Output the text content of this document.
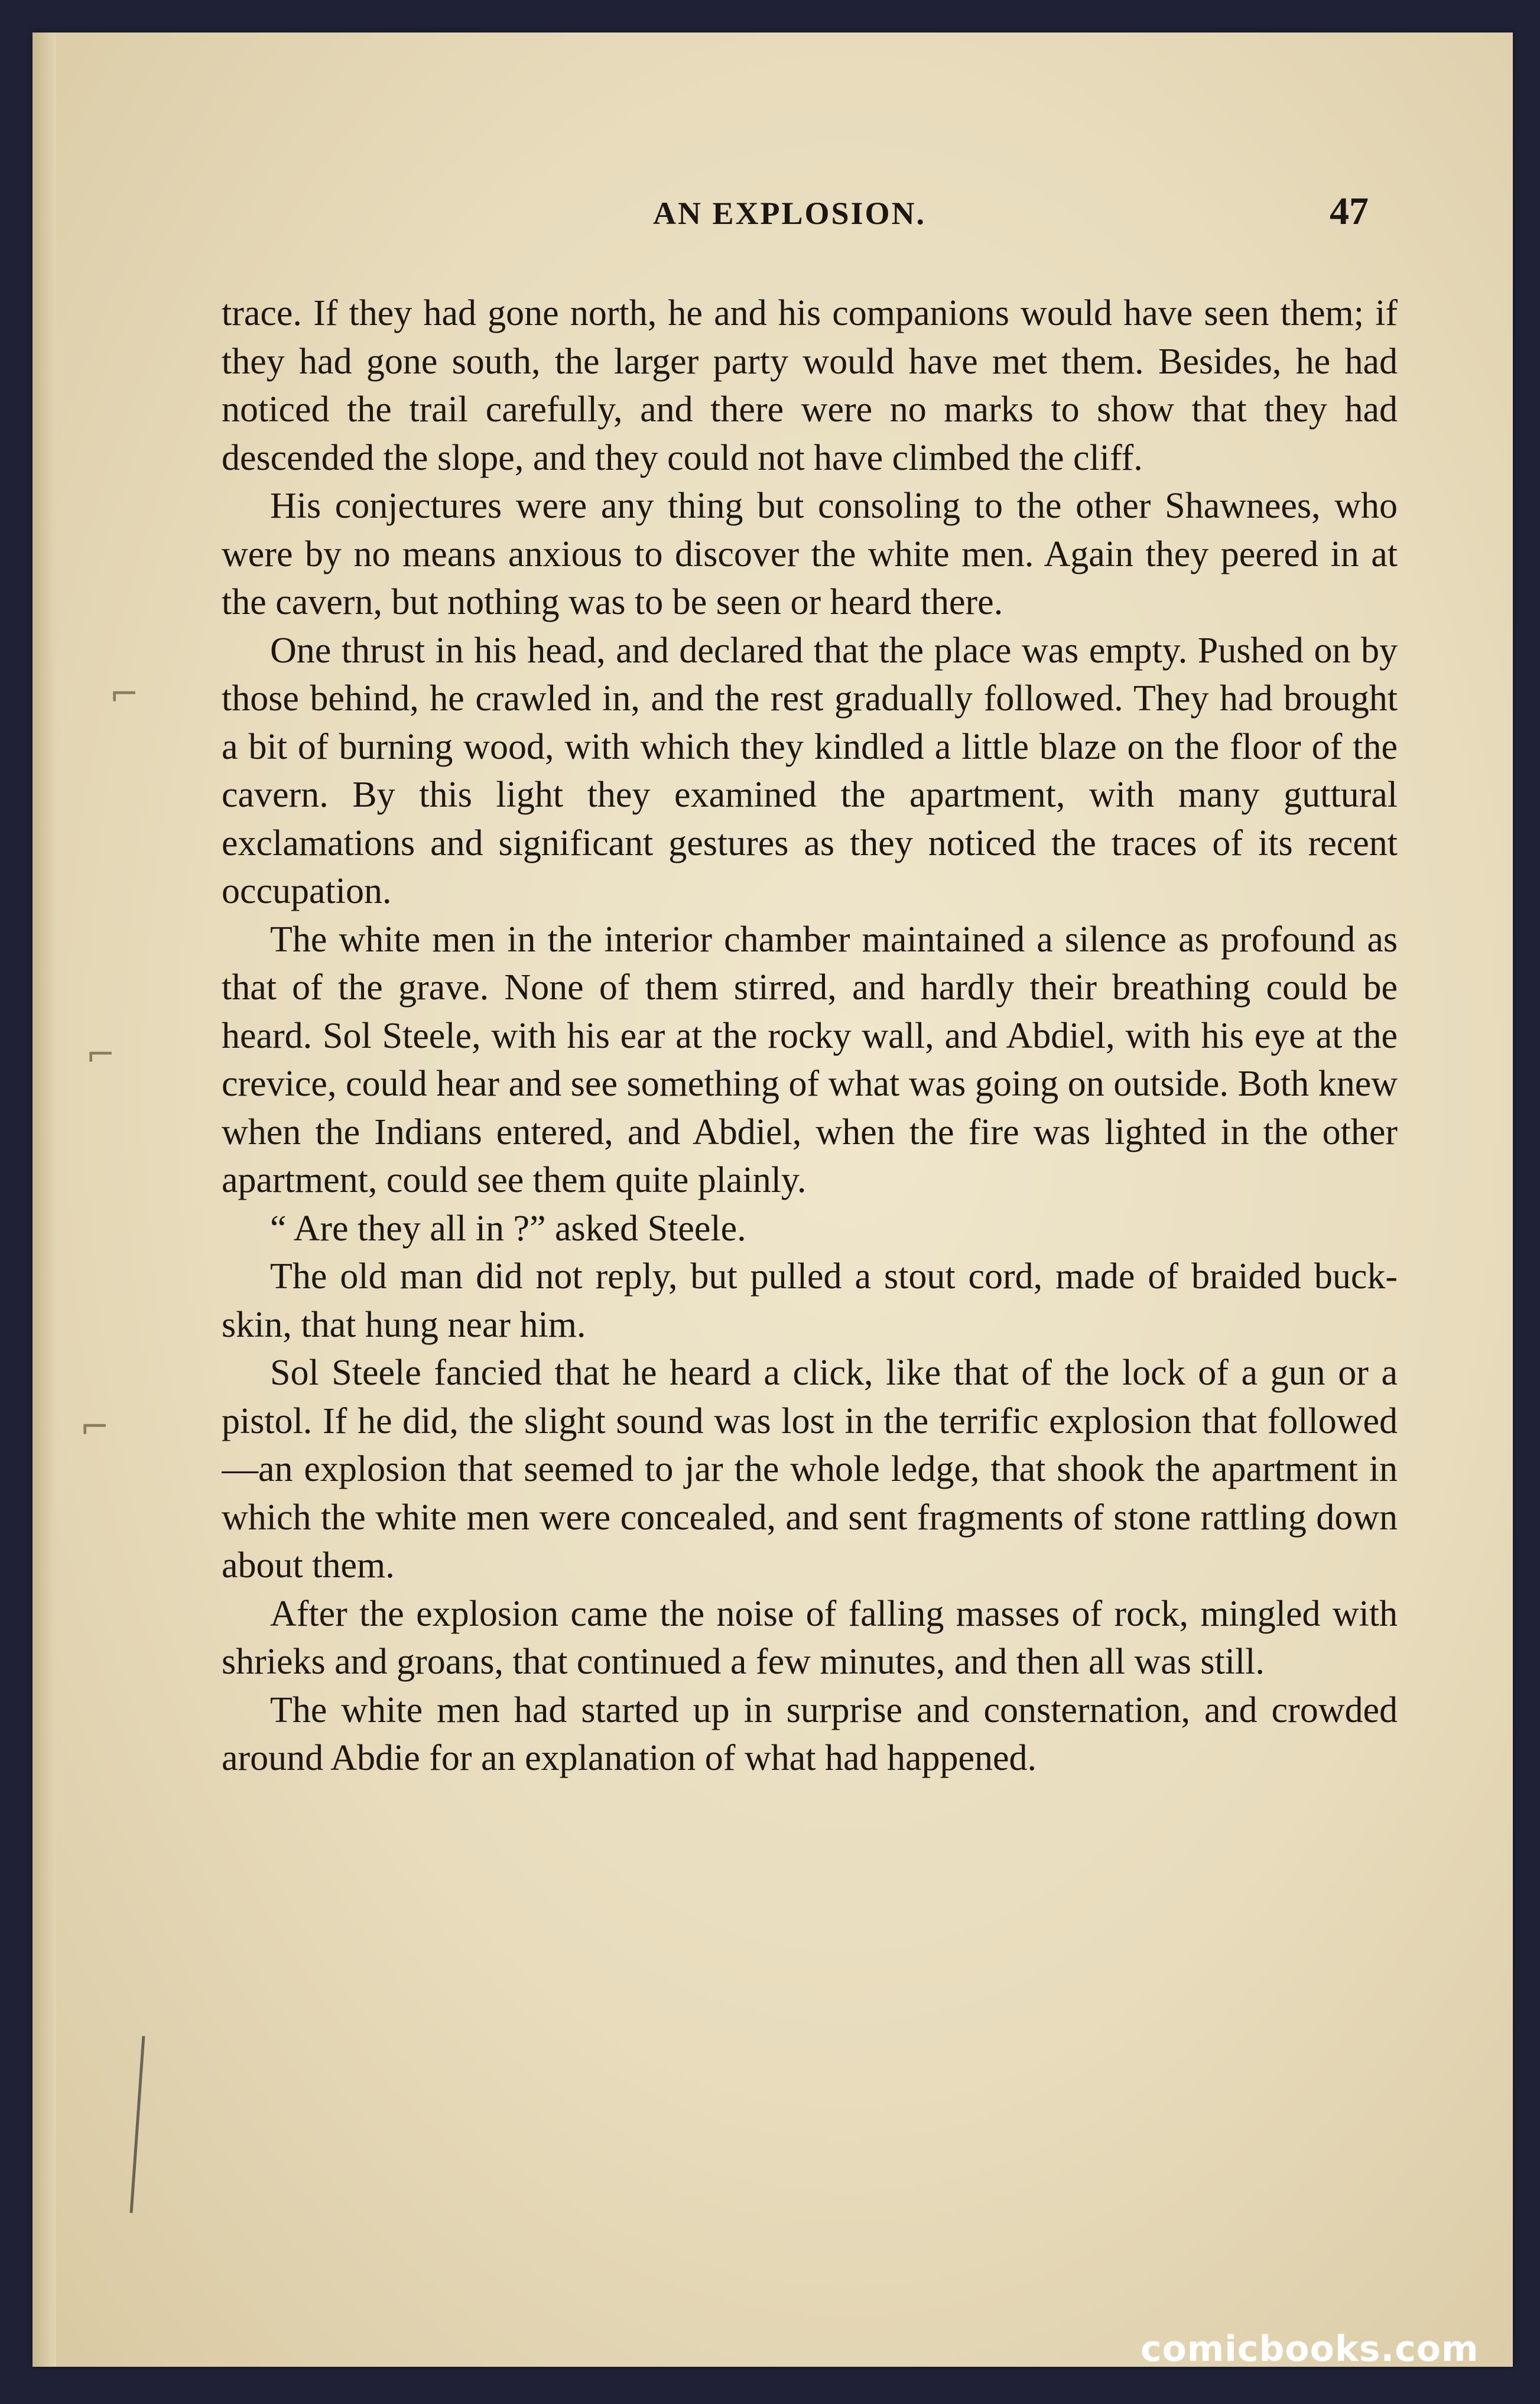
⌐
⌐
⌐
AN EXPLOSION.	47

trace. If they had gone north, he and his companions would have seen them; if they had gone south, the larger party would have met them. Besides, he had noticed the trail carefully, and there were no marks to show that they had descended the slope, and they could not have climbed the cliff.

His conjectures were any thing but consoling to the other Shawnees, who were by no means anxious to discover the white men. Again they peered in at the cavern, but nothing was to be seen or heard there.

One thrust in his head, and declared that the place was empty. Pushed on by those behind, he crawled in, and the rest gradually followed. They had brought a bit of burning wood, with which they kindled a little blaze on the floor of the cavern. By this light they examined the apartment, with many guttural exclamations and significant gestures as they noticed the traces of its recent occupation.

The white men in the interior chamber maintained a silence as profound as that of the grave. None of them stirred, and hardly their breathing could be heard. Sol Steele, with his ear at the rocky wall, and Abdiel, with his eye at the crevice, could hear and see something of what was going on outside. Both knew when the Indians entered, and Abdiel, when the fire was lighted in the other apartment, could see them quite plainly.

“ Are they all in ?” asked Steele.

The old man did not reply, but pulled a stout cord, made of braided buck-skin, that hung near him.

Sol Steele fancied that he heard a click, like that of the lock of a gun or a pistol. If he did, the slight sound was lost in the terrific explosion that followed—an explosion that seemed to jar the whole ledge, that shook the apartment in which the white men were concealed, and sent fragments of stone rattling down about them.

After the explosion came the noise of falling masses of rock, mingled with shrieks and groans, that continued a few minutes, and then all was still.

The white men had started up in surprise and consternation, and crowded around Abdie for an explanation of what had happened.

comicbooks.com
